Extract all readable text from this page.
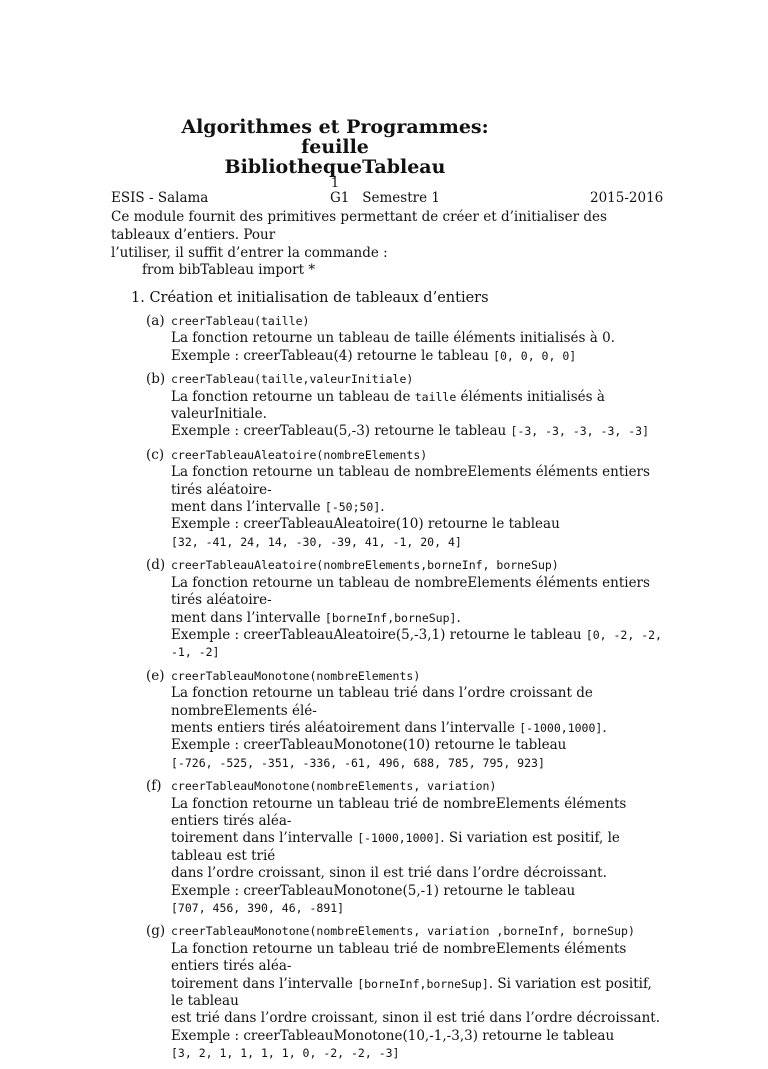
Algorithmes et Programmes: feuille
BibliothequeTableau
1
ESIS - Salama	G1   Semestre 1	2015-2016
Ce module fournit des primitives permettant de créer et d’initialiser des tableaux d’entiers. Pour
l’utiliser, il suffit d’entrer la commande :
from bibTableau import *
1. Création et initialisation de tableaux d’entiers
(a) creerTableau(taille)
La fonction retourne un tableau de taille éléments initialisés à 0.
Exemple : creerTableau(4) retourne le tableau [0, 0, 0, 0]
(b) creerTableau(taille,valeurInitiale)
La fonction retourne un tableau de taille éléments initialisés à valeurInitiale.
Exemple : creerTableau(5,-3) retourne le tableau [-3, -3, -3, -3, -3]
(c) creerTableauAleatoire(nombreElements)
La fonction retourne un tableau de nombreElements éléments entiers tirés aléatoire-
ment dans l’intervalle [-50;50].
Exemple : creerTableauAleatoire(10) retourne le tableau
[32, -41, 24, 14, -30, -39, 41, -1, 20, 4]
(d) creerTableauAleatoire(nombreElements,borneInf, borneSup)
La fonction retourne un tableau de nombreElements éléments entiers tirés aléatoire-
ment dans l’intervalle [borneInf,borneSup].
Exemple : creerTableauAleatoire(5,-3,1) retourne le tableau [0, -2, -2, -1, -2]
(e) creerTableauMonotone(nombreElements)
La fonction retourne un tableau trié dans l’ordre croissant de nombreElements élé-
ments entiers tirés aléatoirement dans l’intervalle [-1000,1000].
Exemple : creerTableauMonotone(10) retourne le tableau
[-726, -525, -351, -336, -61, 496, 688, 785, 795, 923]
(f) creerTableauMonotone(nombreElements, variation)
La fonction retourne un tableau trié de nombreElements éléments entiers tirés aléa-
toirement dans l’intervalle [-1000,1000]. Si variation est positif, le tableau est trié
dans l’ordre croissant, sinon il est trié dans l’ordre décroissant.
Exemple : creerTableauMonotone(5,-1) retourne le tableau
[707, 456, 390, 46, -891]
(g) creerTableauMonotone(nombreElements, variation ,borneInf, borneSup)
La fonction retourne un tableau trié de nombreElements éléments entiers tirés aléa-
toirement dans l’intervalle [borneInf,borneSup]. Si variation est positif, le tableau
est trié dans l’ordre croissant, sinon il est trié dans l’ordre décroissant.
Exemple : creerTableauMonotone(10,-1,-3,3) retourne le tableau
[3, 2, 1, 1, 1, 1, 0, -2, -2, -3]
